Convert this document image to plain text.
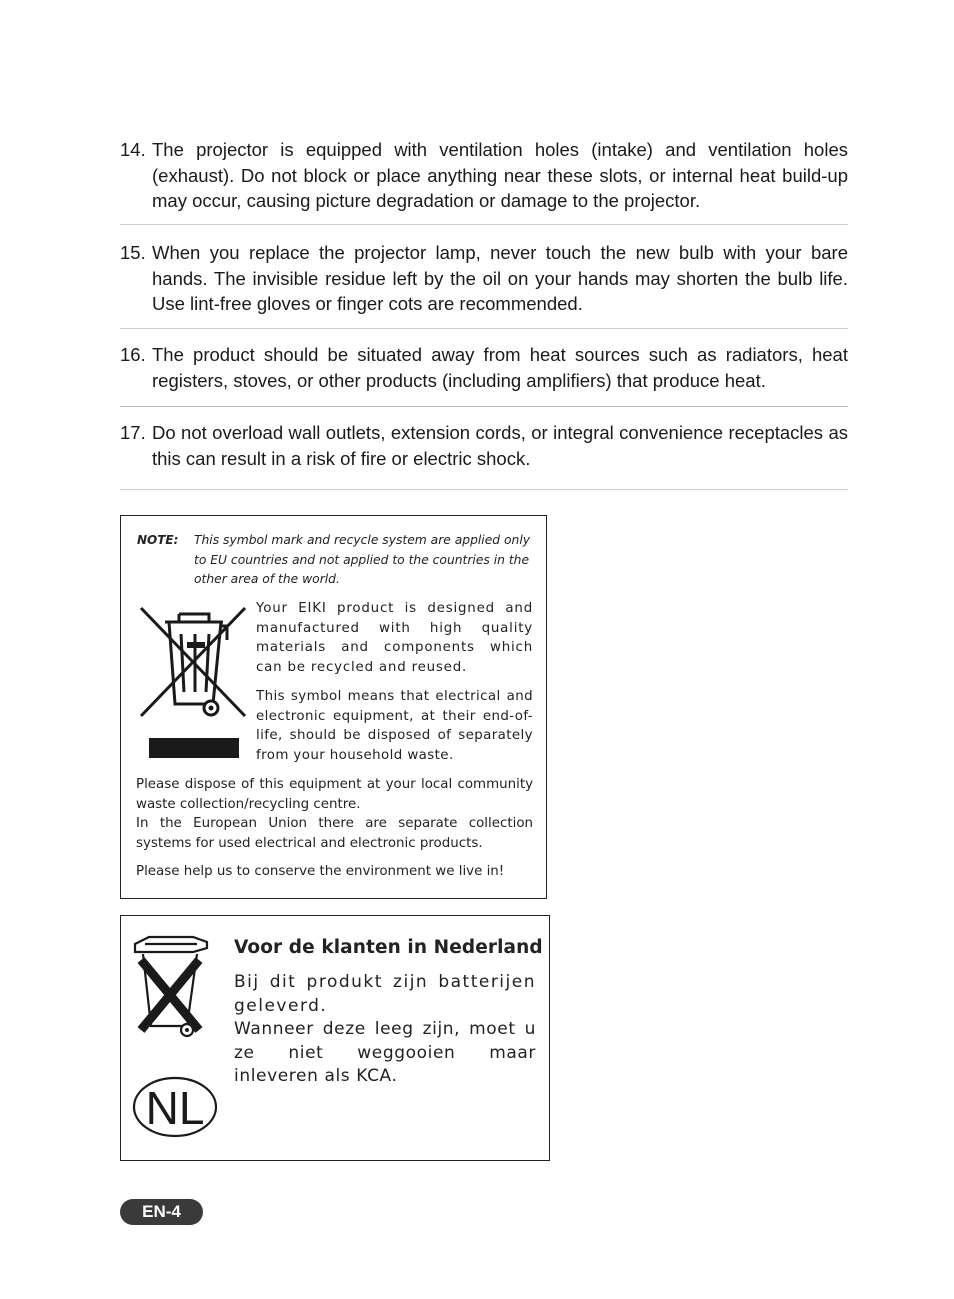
14. The projector is equipped with ventilation holes (intake) and ventilation holes (exhaust). Do not block or place anything near these slots, or internal heat build-up may occur, causing picture degradation or damage to the projector.
15. When you replace the projector lamp, never touch the new bulb with your bare hands. The invisible residue left by the oil on your hands may shorten the bulb life. Use lint-free gloves or finger cots are recommended.
16. The product should be situated away from heat sources such as radiators, heat registers, stoves, or other products (including amplifiers) that produce heat.
17. Do not overload wall outlets, extension cords, or integral convenience receptacles as this can result in a risk of fire or electric shock.
NOTE: This symbol mark and recycle system are applied only to EU countries and not applied to the countries in the other area of the world.
Your EIKI product is designed and manufactured with high quality materials and components which can be recycled and reused.
This symbol means that electrical and electronic equipment, at their end-of-life, should be disposed of separately from your household waste.
Please dispose of this equipment at your local community waste collection/recycling centre.
In the European Union there are separate collection systems for used electrical and electronic products.
Please help us to conserve the environment we live in!
NL
Voor de klanten in Nederland
Bij dit produkt zijn batterijen geleverd.
Wanneer deze leeg zijn, moet u ze niet weggooien maar inleveren als KCA.
EN-4
